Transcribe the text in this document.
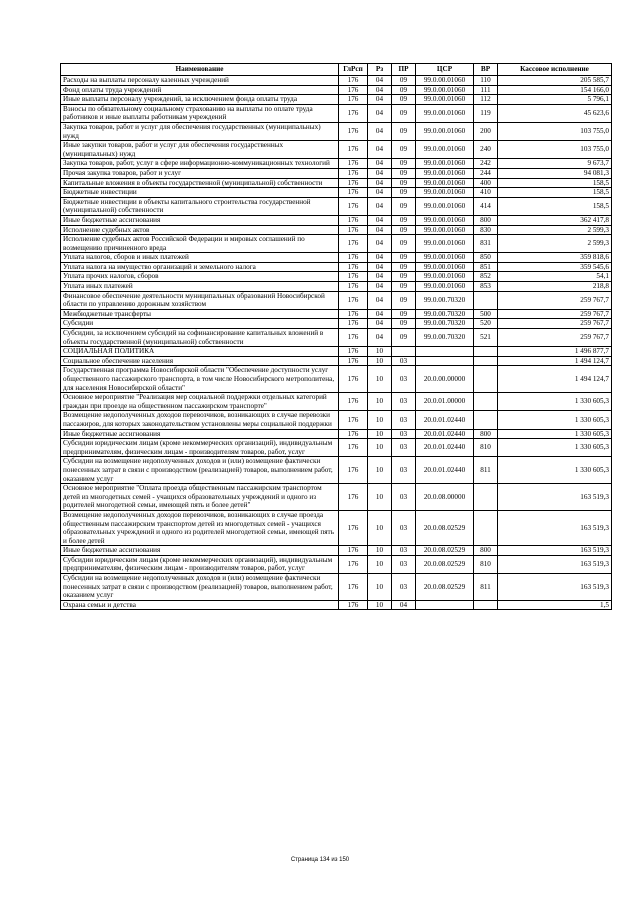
Наименование	ГлРсп	Рз	ПР	ЦСР	ВР	Кассовое исполнение
Расходы на выплаты персоналу казенных учреждений	176	04	09	99.0.00.01060	110	205 585,7
Фонд оплаты труда учреждений	176	04	09	99.0.00.01060	111	154 166,0
Иные выплаты персоналу учреждений, за исключением фонда оплаты труда	176	04	09	99.0.00.01060	112	5 796,1
Взносы по обязательному социальному страхованию на выплаты по оплате труда работников и иные выплаты работникам учреждений	176	04	09	99.0.00.01060	119	45 623,6
Закупка товаров, работ и услуг для обеспечения государственных (муниципальных) нужд	176	04	09	99.0.00.01060	200	103 755,0
Иные закупки товаров, работ и услуг для обеспечения государственных (муниципальных) нужд	176	04	09	99.0.00.01060	240	103 755,0
Закупка товаров, работ, услуг в сфере информационно-коммуникационных технологий	176	04	09	99.0.00.01060	242	9 673,7
Прочая закупка товаров, работ и услуг	176	04	09	99.0.00.01060	244	94 081,3
Капитальные вложения в объекты государственной (муниципальной) собственности	176	04	09	99.0.00.01060	400	158,5
Бюджетные инвестиции	176	04	09	99.0.00.01060	410	158,5
Бюджетные инвестиции в объекты капитального строительства государственной (муниципальной) собственности	176	04	09	99.0.00.01060	414	158,5
Иные бюджетные ассигнования	176	04	09	99.0.00.01060	800	362 417,8
Исполнение судебных актов	176	04	09	99.0.00.01060	830	2 599,3
Исполнение судебных актов Российской Федерации и мировых соглашений по возмещению причиненного вреда	176	04	09	99.0.00.01060	831	2 599,3
Уплата налогов, сборов и иных платежей	176	04	09	99.0.00.01060	850	359 818,6
Уплата налога на имущество организаций и земельного налога	176	04	09	99.0.00.01060	851	359 545,6
Уплата прочих налогов, сборов	176	04	09	99.0.00.01060	852	54,1
Уплата иных платежей	176	04	09	99.0.00.01060	853	218,8
Финансовое обеспечение деятельности муниципальных образований Новосибирской области по управлению дорожным хозяйством	176	04	09	99.0.00.70320		259 767,7
Межбюджетные трансферты	176	04	09	99.0.00.70320	500	259 767,7
Субсидии	176	04	09	99.0.00.70320	520	259 767,7
Субсидии, за исключением субсидий на софинансирование капитальных вложений в объекты государственной (муниципальной) собственности	176	04	09	99.0.00.70320	521	259 767,7
СОЦИАЛЬНАЯ ПОЛИТИКА	176	10				1 496 877,7
Социальное обеспечение населения	176	10	03			1 494 124,7
Государственная программа Новосибирской области "Обеспечение доступности услуг общественного пассажирского транспорта, в том числе Новосибирского метрополитена, для населения Новосибирской области"	176	10	03	20.0.00.00000		1 494 124,7
Основное мероприятие "Реализация мер социальной поддержки отдельных категорий граждан при проезде на общественном пассажирском транспорте"	176	10	03	20.0.01.00000		1 330 605,3
Возмещение недополученных доходов перевозчиков, возникающих в случае перевозки пассажиров, для которых законодательством установлены меры социальной поддержки	176	10	03	20.0.01.02440		1 330 605,3
Иные бюджетные ассигнования	176	10	03	20.0.01.02440	800	1 330 605,3
Субсидии юридическим лицам (кроме некоммерческих организаций), индивидуальным предпринимателям, физическим лицам - производителям товаров, работ, услуг	176	10	03	20.0.01.02440	810	1 330 605,3
Субсидии на возмещение недополученных доходов и (или) возмещение фактически понесенных затрат в связи с производством (реализацией) товаров, выполнением работ, оказанием услуг	176	10	03	20.0.01.02440	811	1 330 605,3
Основное мероприятие "Оплата проезда общественным пассажирским транспортом детей из многодетных семей - учащихся образовательных учреждений и одного из родителей многодетной семьи, имеющей пять и более детей"	176	10	03	20.0.08.00000		163 519,3
Возмещение недополученных доходов перевозчиков, возникающих в случае проезда общественным пассажирским транспортом детей из многодетных семей - учащихся образовательных учреждений и одного из родителей многодетной семьи, имеющей пять и более детей	176	10	03	20.0.08.02529		163 519,3
Иные бюджетные ассигнования	176	10	03	20.0.08.02529	800	163 519,3
Субсидии юридическим лицам (кроме некоммерческих организаций), индивидуальным предпринимателям, физическим лицам - производителям товаров, работ, услуг	176	10	03	20.0.08.02529	810	163 519,3
Субсидии на возмещение недополученных доходов и (или) возмещение фактически понесенных затрат в связи с производством (реализацией) товаров, выполнением работ, оказанием услуг	176	10	03	20.0.08.02529	811	163 519,3
Охрана семьи и детства	176	10	04			1,5
Страница 134 из 150
